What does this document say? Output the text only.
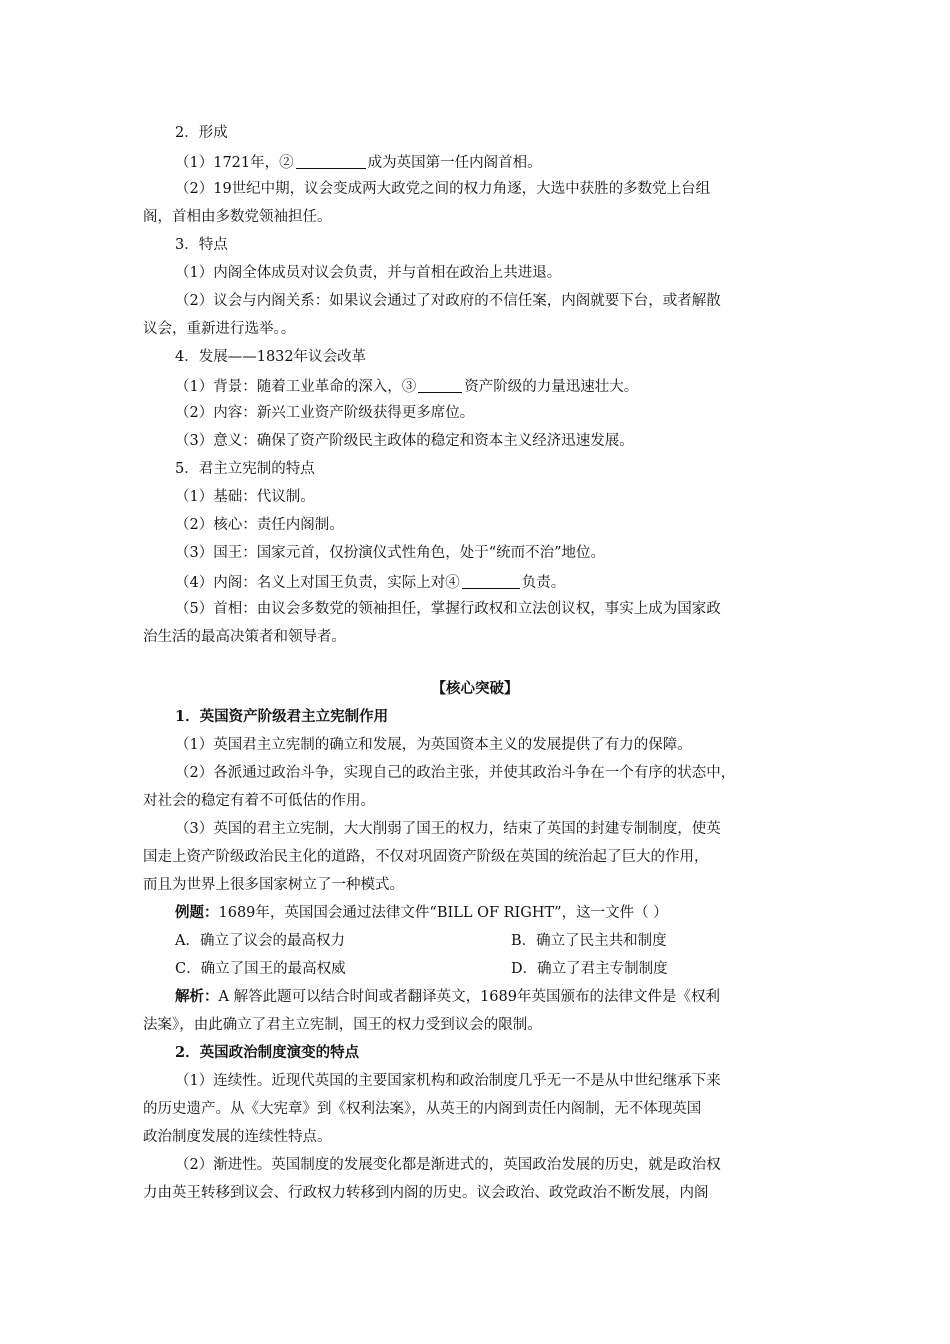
2．形成
（1）1721年，②	成为英国第一任内阁首相。
（2）19世纪中期，议会变成两大政党之间的权力角逐，大选中获胜的多数党上台组
阁，首相由多数党领袖担任。
3．特点
（1）内阁全体成员对议会负责，并与首相在政治上共进退。
（2）议会与内阁关系：如果议会通过了对政府的不信任案，内阁就要下台，或者解散
议会，重新进行选举。。
4．发展——1832年议会改革
（1）背景：随着工业革命的深入，③	资产阶级的力量迅速壮大。
（2）内容：新兴工业资产阶级获得更多席位。
（3）意义：确保了资产阶级民主政体的稳定和资本主义经济迅速发展。
5．君主立宪制的特点
（1）基础：代议制。
（2）核心：责任内阁制。
（3）国王：国家元首，仅扮演仪式性角色，处于“统而不治”地位。
（4）内阁：名义上对国王负责，实际上对④	负责。
（5）首相：由议会多数党的领袖担任，掌握行政权和立法创议权，事实上成为国家政
治生活的最高决策者和领导者。
【核心突破】
1．英国资产阶级君主立宪制作用
（1）英国君主立宪制的确立和发展，为英国资本主义的发展提供了有力的保障。
（2）各派通过政治斗争，实现自己的政治主张，并使其政治斗争在一个有序的状态中，
对社会的稳定有着不可低估的作用。
（3）英国的君主立宪制，大大削弱了国王的权力，结束了英国的封建专制制度，使英
国走上资产阶级政治民主化的道路，不仅对巩固资产阶级在英国的统治起了巨大的作用，
而且为世界上很多国家树立了一种模式。
例题：1689年，英国国会通过法律文件“BILL OF RIGHT”，这一文件（ ）
A．确立了议会的最高权力	B．确立了民主共和制度
C．确立了国王的最高权威	D．确立了君主专制制度
解析：A 解答此题可以结合时间或者翻译英文，1689年英国颁布的法律文件是《权利
法案》，由此确立了君主立宪制，国王的权力受到议会的限制。
2．英国政治制度演变的特点
（1）连续性。近现代英国的主要国家机构和政治制度几乎无一不是从中世纪继承下来
的历史遗产。从《大宪章》到《权利法案》，从英王的内阁到责任内阁制，无不体现英国
政治制度发展的连续性特点。
（2）渐进性。英国制度的发展变化都是渐进式的，英国政治发展的历史，就是政治权
力由英王转移到议会、行政权力转移到内阁的历史。议会政治、政党政治不断发展，内阁
